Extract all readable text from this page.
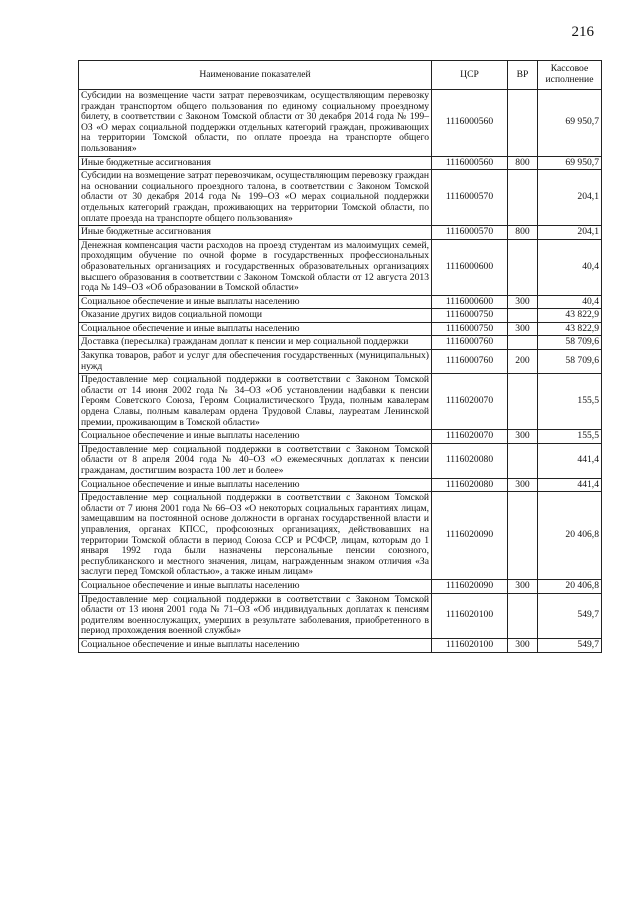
216
Наименование показателей	ЦСР	ВР	Кассовое исполнение
Субсидии на возмещение части затрат перевозчикам, осуществляющим перевозку граждан транспортом общего пользования по единому социальному проездному билету, в соответствии с Законом Томской области от 30 декабря 2014 года № 199–ОЗ «О мерах социальной поддержки отдельных категорий граждан, проживающих на территории Томской области, по оплате проезда на транспорте общего пользования»	1116000560		69 950,7
Иные бюджетные ассигнования	1116000560	800	69 950,7
Субсидии на возмещение затрат перевозчикам, осуществляющим перевозку граждан на основании социального проездного талона, в соответствии с Законом Томской области от 30 декабря 2014 года № 199–ОЗ «О мерах социальной поддержки отдельных категорий граждан, проживающих на территории Томской области, по оплате проезда на транспорте общего пользования»	1116000570		204,1
Иные бюджетные ассигнования	1116000570	800	204,1
Денежная компенсация части расходов на проезд студентам из малоимущих семей, проходящим обучение по очной форме в государственных профессиональных образовательных организациях и государственных образовательных организациях высшего образования в соответствии с Законом Томской области от 12 августа 2013 года № 149–ОЗ «Об образовании в Томской области»	1116000600		40,4
Социальное обеспечение и иные выплаты населению	1116000600	300	40,4
Оказание других видов социальной помощи	1116000750		43 822,9
Социальное обеспечение и иные выплаты населению	1116000750	300	43 822,9
Доставка (пересылка) гражданам доплат к пенсии и мер социальной поддержки	1116000760		58 709,6
Закупка товаров, работ и услуг для обеспечения государственных (муниципальных) нужд	1116000760	200	58 709,6
Предоставление мер социальной поддержки в соответствии с Законом Томской области от 14 июня 2002 года № 34–ОЗ «Об установлении надбавки к пенсии Героям Советского Союза, Героям Социалистического Труда, полным кавалерам ордена Славы, полным кавалерам ордена Трудовой Славы, лауреатам Ленинской премии, проживающим в Томской области»	1116020070		155,5
Социальное обеспечение и иные выплаты населению	1116020070	300	155,5
Предоставление мер социальной поддержки в соответствии с Законом Томской области от 8 апреля 2004 года № 40–ОЗ «О ежемесячных доплатах к пенсии гражданам, достигшим возраста 100 лет и более»	1116020080		441,4
Социальное обеспечение и иные выплаты населению	1116020080	300	441,4
Предоставление мер социальной поддержки в соответствии с Законом Томской области от 7 июня 2001 года № 66–ОЗ «О некоторых социальных гарантиях лицам, замещавшим на постоянной основе должности в органах государственной власти и управления, органах КПСС, профсоюзных организациях, действовавших на территории Томской области в период Союза ССР и РСФСР, лицам, которым до 1 января 1992 года были назначены персональные пенсии союзного, республиканского и местного значения, лицам, награжденным знаком отличия «За заслуги перед Томской областью», а также иным лицам»	1116020090		20 406,8
Социальное обеспечение и иные выплаты населению	1116020090	300	20 406,8
Предоставление мер социальной поддержки в соответствии с Законом Томской области от 13 июня 2001 года № 71–ОЗ «Об индивидуальных доплатах к пенсиям родителям военнослужащих, умерших в результате заболевания, приобретенного в период прохождения военной службы»	1116020100		549,7
Социальное обеспечение и иные выплаты населению	1116020100	300	549,7
